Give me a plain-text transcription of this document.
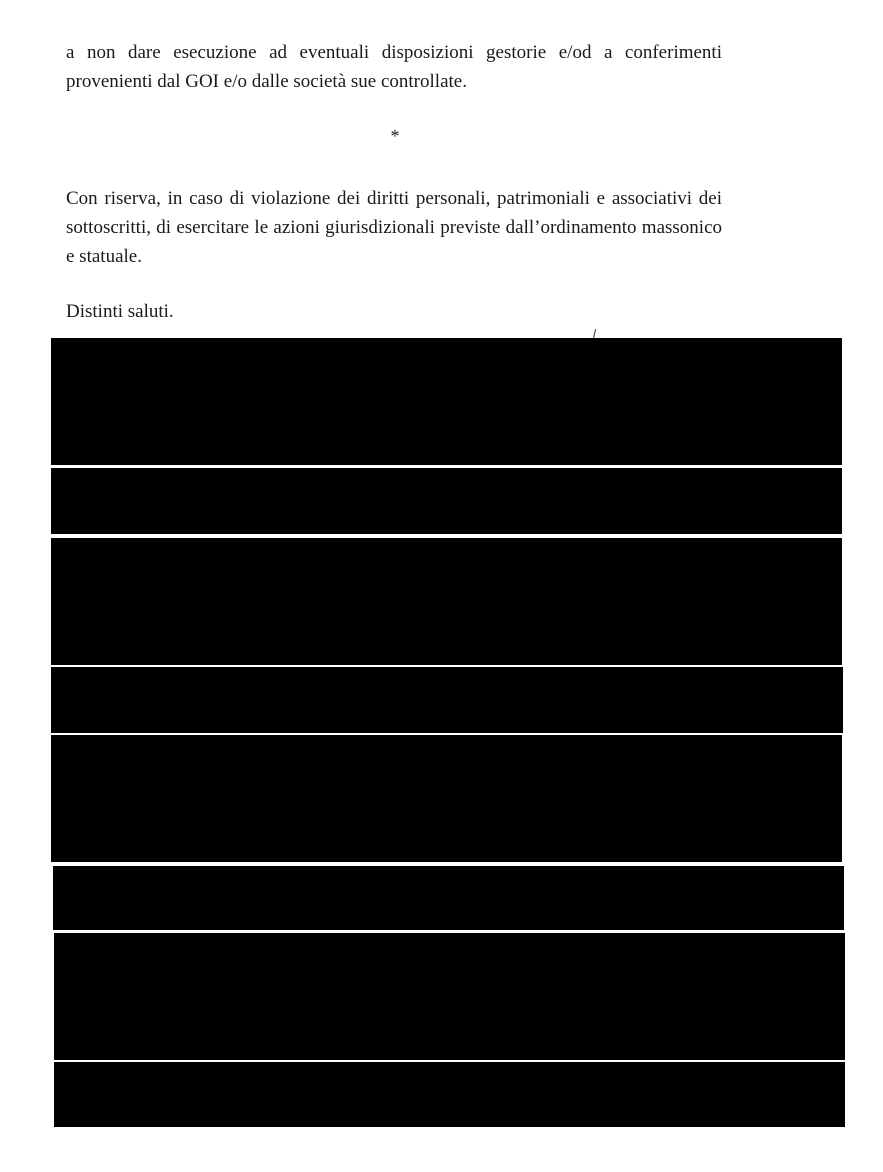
a non dare esecuzione ad eventuali disposizioni gestorie e/od a conferimenti provenienti dal GOI e/o dalle società sue controllate.

*

Con riserva, in caso di violazione dei diritti personali, patrimoniali e associativi dei sottoscritti, di esercitare le azioni giurisdizionali previste dall’ordinamento massonico e statuale.

Distinti saluti.
